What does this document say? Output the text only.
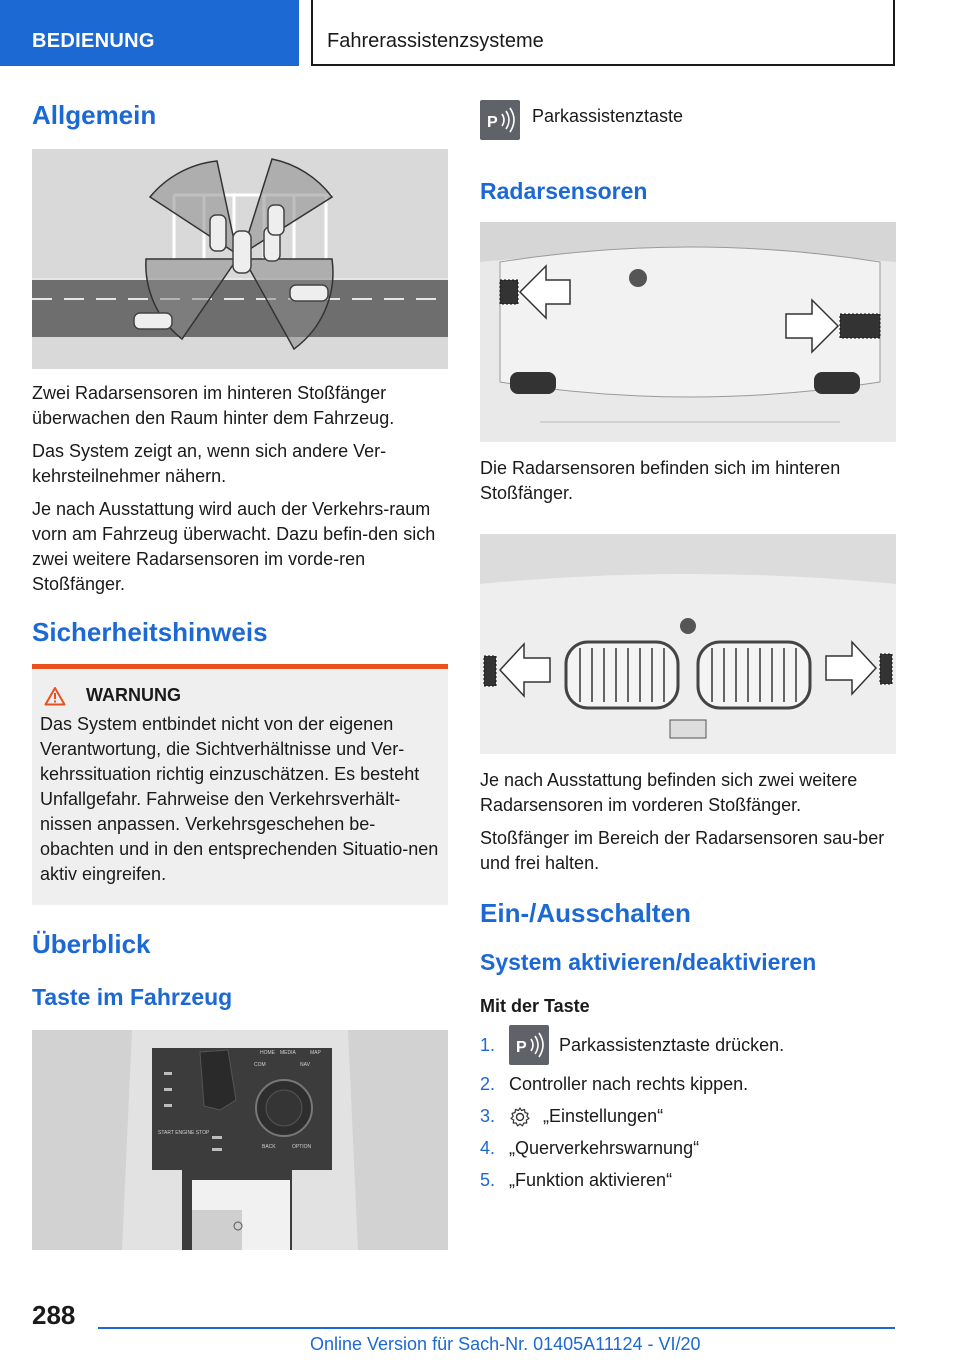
BEDIENUNG	Fahrerassistenzsysteme
Allgemein

Zwei Radarsensoren im hinteren Stoßfänger überwachen den Raum hinter dem Fahrzeug.

Das System zeigt an, wenn sich andere Ver-kehrsteilnehmer nähern.

Je nach Ausstattung wird auch der Verkehrs-raum vorn am Fahrzeug überwacht. Dazu befin-den sich zwei weitere Radarsensoren im vorde-ren Stoßfänger.

Sicherheitshinweis
WARNUNG

Das System entbindet nicht von der eigenen Verantwortung, die Sichtverhältnisse und Ver-kehrssituation richtig einzuschätzen. Es besteht Unfallgefahr. Fahrweise den Verkehrsverhält-nissen anpassen. Verkehrsgeschehen be-obachten und in den entsprechenden Situatio-nen aktiv eingreifen.

Überblick
Taste im Fahrzeug
HOME
COM	NAV
MEDIA	MAP
BACK	OPTION
START ENGINE STOP
P Parkassistenztaste
Radarsensoren

Die Radarsensoren befinden sich im hinteren Stoßfänger.

Je nach Ausstattung befinden sich zwei weitere Radarsensoren im vorderen Stoßfänger.

Stoßfänger im Bereich der Radarsensoren sau-ber und frei halten.

Ein-/Ausschalten
System aktivieren/deaktivieren

Mit der Taste

1.	P Parkassistenztaste drücken.
2. Controller nach rechts kippen.
3.	„Einstellungen“
4. „Querverkehrswarnung“
5. „Funktion aktivieren“
288
Online Version für Sach-Nr. 01405A11124 - VI/20
